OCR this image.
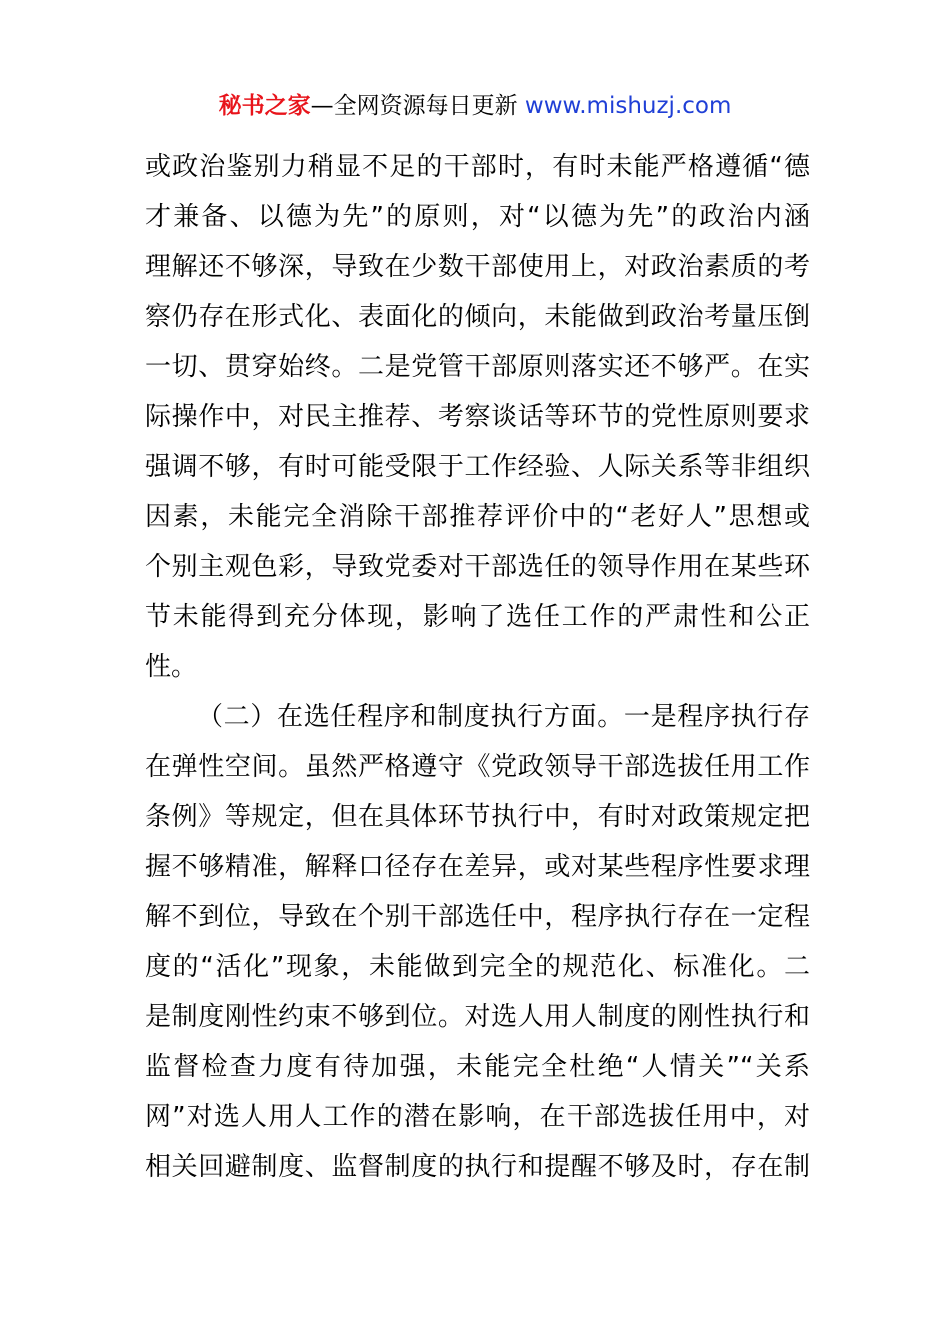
秘书之家—全网资源每日更新 www.mishuzj.com
或政治鉴别力稍显不足的干部时，有时未能严格遵循“德
才兼备、以德为先”的原则，对“以德为先”的政治内涵
理解还不够深，导致在少数干部使用上，对政治素质的考
察仍存在形式化、表面化的倾向，未能做到政治考量压倒
一切、贯穿始终。二是党管干部原则落实还不够严。在实
际操作中，对民主推荐、考察谈话等环节的党性原则要求
强调不够，有时可能受限于工作经验、人际关系等非组织
因素，未能完全消除干部推荐评价中的“老好人”思想或
个别主观色彩，导致党委对干部选任的领导作用在某些环
节未能得到充分体现，影响了选任工作的严肃性和公正
性。
（二）在选任程序和制度执行方面。一是程序执行存
在弹性空间。虽然严格遵守《党政领导干部选拔任用工作
条例》等规定，但在具体环节执行中，有时对政策规定把
握不够精准，解释口径存在差异，或对某些程序性要求理
解不到位，导致在个别干部选任中，程序执行存在一定程
度的“活化”现象，未能做到完全的规范化、标准化。二
是制度刚性约束不够到位。对选人用人制度的刚性执行和
监督检查力度有待加强，未能完全杜绝“人情关”“关系
网”对选人用人工作的潜在影响，在干部选拔任用中，对
相关回避制度、监督制度的执行和提醒不够及时，存在制
